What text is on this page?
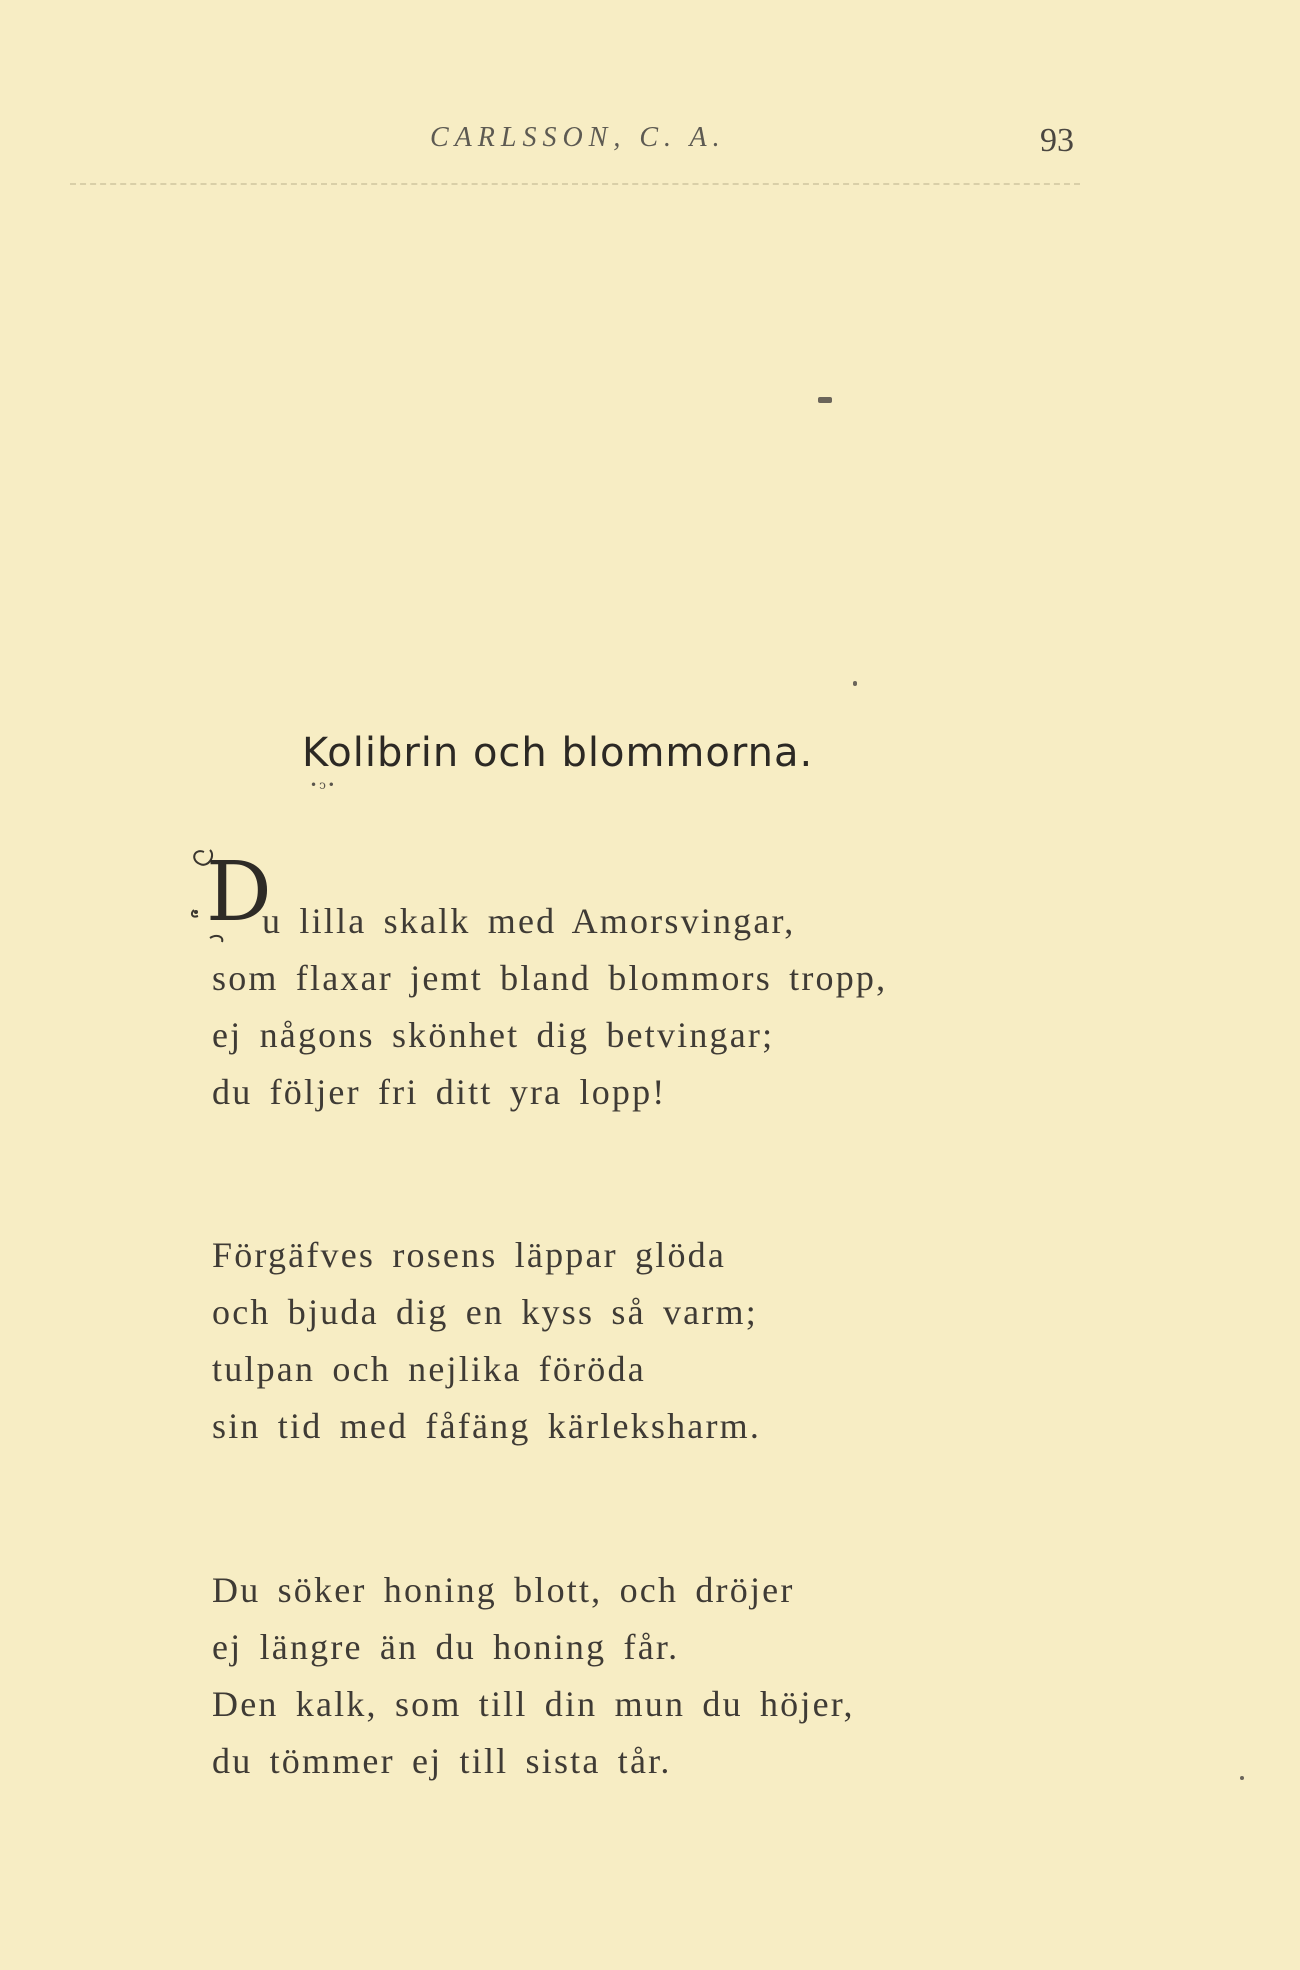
CARLSSON, C. A.	93
Kolibrin och blommorna.
•ↄ•
D
u lilla skalk med Amorsvingar,
som flaxar jemt bland blommors tropp,
ej någons skönhet dig betvingar;
du följer fri ditt yra lopp!
Förgäfves rosens läppar glöda
och bjuda dig en kyss så varm;
tulpan och nejlika föröda
sin tid med fåfäng kärleksharm.
Du söker honing blott, och dröjer
ej längre än du honing får.
Den kalk, som till din mun du höjer,
du tömmer ej till sista tår.
